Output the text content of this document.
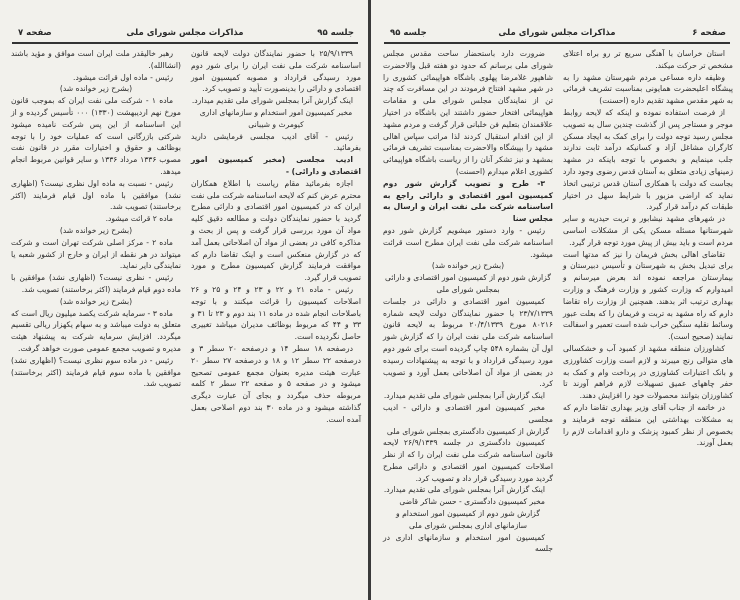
صفحه ۷	مذاکرات مجلس شورای ملی	جلسه ۹۵

۲۵/۹/۱۳۳۹ با حضور نمایندگان دولت لایحه قانون اساسنامه شرکت ملی نفت ایران را برای شور دوم مورد رسیدگی قرارداد و مصوبه کمیسیون امور اقتصادی و دارائی را بدینصورت تأیید و تصویب کرد.

اینک گزارش آنرا بمجلس شورای ملی تقدیم میدارد.

مخبر کمیسیون امور استخدام و سازمانهای اداری

کیومرث و شیبانی

رئیس - آقای ادیب مجلسی فرمایشی دارید بفرمائید.

ادیب مجلسی (مخبر کمیسیون امور اقتصادی و دارائی) -

اجازه بفرمائید مقام ریاست با اطلاع همکاران محترم عرض کنم که لایحه اساسنامه شرکت ملی نفت ایران که در کمیسیون امور اقتصادی و دارائی مطرح گردید با حضور نمایندگان دولت و مطالعه دقیق کلیه مواد آن مورد بررسی قرار گرفت و پس از بحث و مذاکره کافی در بعضی از مواد آن اصلاحاتی بعمل آمد که در گزارش منعکس است و اینک تقاضا دارم که موافقت فرمایند گزارش کمیسیون مطرح و مورد تصویب قرار گیرد.

رئیس - ماده ۲۱ و ۲۲ و ۲۳ و ۲۴ و ۲۵ و ۲۶ اصلاحات کمیسیون را قرائت میکنند و با توجه باصلاحات انجام شده در ماده ۱۱ بند دوم و ۲۳ تا ۳۱ و ۳۳ و ۴۴ که مربوط بوظائف مدیران میباشد تغییری حاصل نگردیده است.

درصفحه ۱۸ سطر ۱۴ و درصفحه ۲۰ سطر ۳ و درصفحه ۲۲ سطر ۱۲ و ۱۸ و درصفحه ۲۷ سطر ۲۰ عبارت هیئت مدیره بعنوان مجمع عمومی تصحیح میشود و در صفحه ۵ و صفحه ۲۲ سطر ۲ کلمه مربوطه حذف میگردد و بجای آن عبارت دیگری گذاشته میشود و در ماده ۳۰ بند دوم اصلاحی بعمل آمده است.

رهبر خالیقدر ملت ایران است موافق و مؤید باشند (انشاالله).

رئیس - ماده اول قرائت میشود.

(بشرح زیر خوانده شد)

ماده ۱ - شرکت ملی نفت ایران که بموجب قانون مورخ نهم اردیبهشت (۱۳۳۰) ۰۰۰ تأسیس گردیده و از این اساسنامه از این پس شرکت نامیده میشود شرکتی بازرگانی است که عملیات خود را با توجه بوظائف و حقوق و اختیارات مقرر در قانون نفت مصوب ۱۳۳۶ مرداد ۱۳۳۶ و سایر قوانین مربوط انجام میدهد.

رئیس - نسبت به ماده اول نظری نیست؟ (اظهاری نشد) موافقین با ماده اول قیام فرمایند (اکثر برخاستند) تصویب شد.

ماده ۲ قرائت میشود.

(بشرح زیر خوانده شد)

ماده ۲ - مرکز اصلی شرکت تهران است و شرکت میتواند در هر نقطه از ایران و خارج از کشور شعبه یا نمایندگی دایر نماید.

رئیس - نظری نیست؟ (اظهاری نشد) موافقین با ماده دوم قیام فرمایند (اکثر برخاستند) تصویب شد.

(بشرح زیر خوانده شد)

ماده ۳ - سرمایه شرکت یکصد میلیون ریال است که متعلق به دولت میباشد و به سهام یکهزار ریالی تقسیم میگردد. افزایش سرمایه شرکت به پیشنهاد هیئت مدیره و تصویب مجمع عمومی صورت خواهد گرفت.

رئیس - در ماده سوم نظری نیست؟ (اظهاری نشد) موافقین با ماده سوم قیام فرمایند (اکثر برخاستند) تصویب شد.

جلسه ۹۵	مذاکرات مجلس شورای ملی	صفحه ۶

استان خراسان با آهنگی سریع تر رو براه اعتلای مشخص تر حرکت میکند.

وظیفه داره مساعی مردم شهرستان مشهد را به پیشگاه اعلیحضرت همایونی بمناسبت تشریف فرمائی به شهر مقدس مشهد تقدیم داره (احسنت)

از فرصت استفاده نموده و اینکه که لایحه روابط موجر و مستاجر پس از گذشت چندین سال به تصویب مجلس رسید توجه دولت را برای کمک به ایجاد مسکن کارگران مشاغل آزاد و کسانیکه درآمد ثابت ندارند جلب مینمایم و بخصوص با توجه باینکه در مشهد زمینهای زیادی متعلق به آستان قدس رضوی وجود دارد بجاست که دولت با همکاری آستان قدس ترتیبی اتخاذ نماید که اراضی مزبور با شرایط سهل در اختیار طبقات کم درآمد قرار گیرد.

در شهرهای مشهد نیشابور و تربت حیدریه و سایر شهرستانها مسئله مسکن یکی از مشکلات اساسی مردم است و باید بیش از پیش مورد توجه قرار گیرد.

تقاضای اهالی بخش فریمان را نیز که مدتها است برای تبدیل بخش به شهرستان و تأسیس دبیرستان و بیمارستان مراجعه نموده اند بعرض میرسانم و امیدوارم که وزارت کشور و وزارت فرهنگ و وزارت بهداری ترتیب اثر بدهند. همچنین از وزارت راه تقاضا دارم که راه مشهد به تربت و فریمان را که بعلت عبور وسائط نقلیه سنگین خراب شده است تعمیر و اسفالت نمایند (صحیح است).

کشاورزان منطقه مشهد از کمبود آب و خشکسالی های متوالی رنج میبرند و لازم است وزارت کشاورزی و بانک اعتبارات کشاورزی در پرداخت وام و کمک به حفر چاههای عمیق تسهیلات لازم فراهم آورند تا کشاورزان بتوانند محصولات خود را افزایش دهند.

در خاتمه از جناب آقای وزیر بهداری تقاضا دارم که به مشکلات بهداشتی این منطقه توجه فرمایند و بخصوص از نظر کمبود پزشک و دارو اقدامات لازم را بعمل آورند.

ضرورت دارد باستحضار ساحت مقدس مجلس شورای ملی برسانم که حدود دو هفته قبل والاحضرت شاهپور غلامرضا پهلوی باشگاه هواپیمائی کشوری را در شهر مشهد افتتاح فرمودند در این مسافرت که چند تن از نمایندگان مجلس شورای ملی و مقامات هواپیمائی افتخار حضور داشتند این باشگاه در اختیار علاقمندان بتعلیم فن خلبانی قرار گرفت و مردم مشهد از این اقدام استقبال کردند لذا مراتب سپاس اهالی مشهد را بپیشگاه والاحضرت بمناسبت تشریف فرمائی بمشهد و نیز تشکر آنان را از ریاست باشگاه هواپیمائی کشوری اعلام میدارم (احسنت)

۳- طرح و تصویب گزارش شور دوم کمیسیون امور اقتصادی و دارائی راجع به اساسنامه شرکت ملی نفت ایران و ارسال به مجلس سنا

رئیس - وارد دستور میشویم گزارش شور دوم اساسنامه شرکت ملی نفت ایران مطرح است قرائت میشود.

(بشرح زیر خوانده شد)

گزارش شور دوم از کمیسیون امور اقتصادی و دارائی بمجلس شورای ملی

کمیسیون امور اقتصادی و دارائی در جلسات ۲۳/۷/۱۳۳۹ با حضور نمایندگان دولت لایحه شماره ۸۰۲۱۶ مورخ ۲۰/۴/۱۳۳۹ مربوط به لایحه قانون اساسنامه شرکت ملی نفت ایران را که گزارش شور اول آن بشماره ۵۴۸ چاپ گردیده است برای شور دوم مورد رسیدگی قرارداد و با توجه به پیشنهادات رسیده در بعضی از مواد آن اصلاحاتی بعمل آورد و تصویب کرد.

اینک گزارش آنرا بمجلس شورای ملی تقدیم میدارد.

مخبر کمیسیون امور اقتصادی و دارائی - ادیب مجلسی

گزارش از کمیسیون دادگستری بمجلس شورای ملی

کمیسیون دادگستری در جلسه ۲۶/۹/۱۳۳۹ لایحه قانون اساسنامه شرکت ملی نفت ایران را که از نظر اصلاحات کمیسیون امور اقتصادی و دارائی مطرح گردید مورد رسیدگی قرار داد و تصویب کرد.

اینک گزارش آنرا بمجلس شورای ملی تقدیم میدارد.

مخبر کمیسیون دادگستری - حسن شاکر قاضی

گزارش شور دوم از کمیسیون امور استخدام و سازمانهای اداری بمجلس شورای ملی

کمیسیون امور استخدام و سازمانهای اداری در جلسه
